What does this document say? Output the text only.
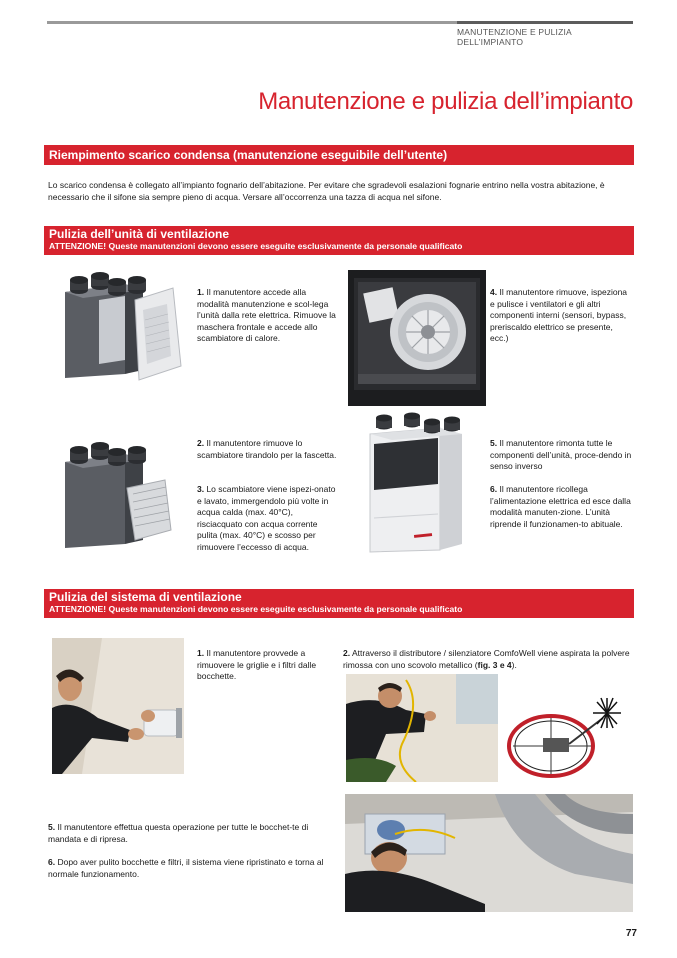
MANUTENZIONE E PULIZIA DELL’IMPIANTO
Manutenzione e pulizia dell’impianto
Riempimento scarico condensa (manutenzione eseguibile dell’utente)
Lo scarico condensa è collegato all’impianto fognario dell’abitazione. Per evitare che sgradevoli esalazioni fognarie entrino nella vostra abitazione, è necessario che il sifone sia sempre pieno di acqua. Versare all’occorrenza una tazza di acqua nel sifone.
Pulizia dell’unità di ventilazione
ATTENZIONE! Queste manutenzioni devono essere eseguite esclusivamente da personale qualificato
1. Il manutentore accede alla modalità manutenzione e scol-lega l’unità dalla rete elettrica. Rimuove la maschera frontale e accede allo scambiatore di calore.
4. Il manutentore rimuove, ispeziona e pulisce i ventilatori e gli altri componenti interni (sensori, bypass, preriscaldo elettrico se presente, ecc.)
2. Il manutentore rimuove lo scambiatore tirandolo per la fascetta.
3. Lo scambiatore viene ispezi-onato e lavato, immergendolo più volte in acqua calda (max. 40°C), risciacquato con acqua corrente pulita (max. 40°C) e scosso per rimuovere l’eccesso di acqua.
5. Il manutentore rimonta tutte le componenti dell’unità, proce-dendo in senso inverso
6. Il manutentore ricollega l’alimentazione elettrica ed esce dalla modalità manuten-zione. L’unità riprende il funzionamen-to abituale.
Pulizia del sistema di ventilazione
ATTENZIONE! Queste manutenzioni devono essere eseguite esclusivamente da personale qualificato
1. Il manutentore provvede a rimuovere le griglie e i filtri dalle bocchette.
2. Attraverso il distributore / silenziatore ComfoWell viene aspirata la polvere rimossa con uno scovolo metallico (fig. 3 e 4).
5. Il manutentore effettua questa operazione per tutte le bocchet-te di mandata e di ripresa.
6. Dopo aver pulito bocchette e filtri, il sistema viene ripristinato e torna al normale funzionamento.
77
